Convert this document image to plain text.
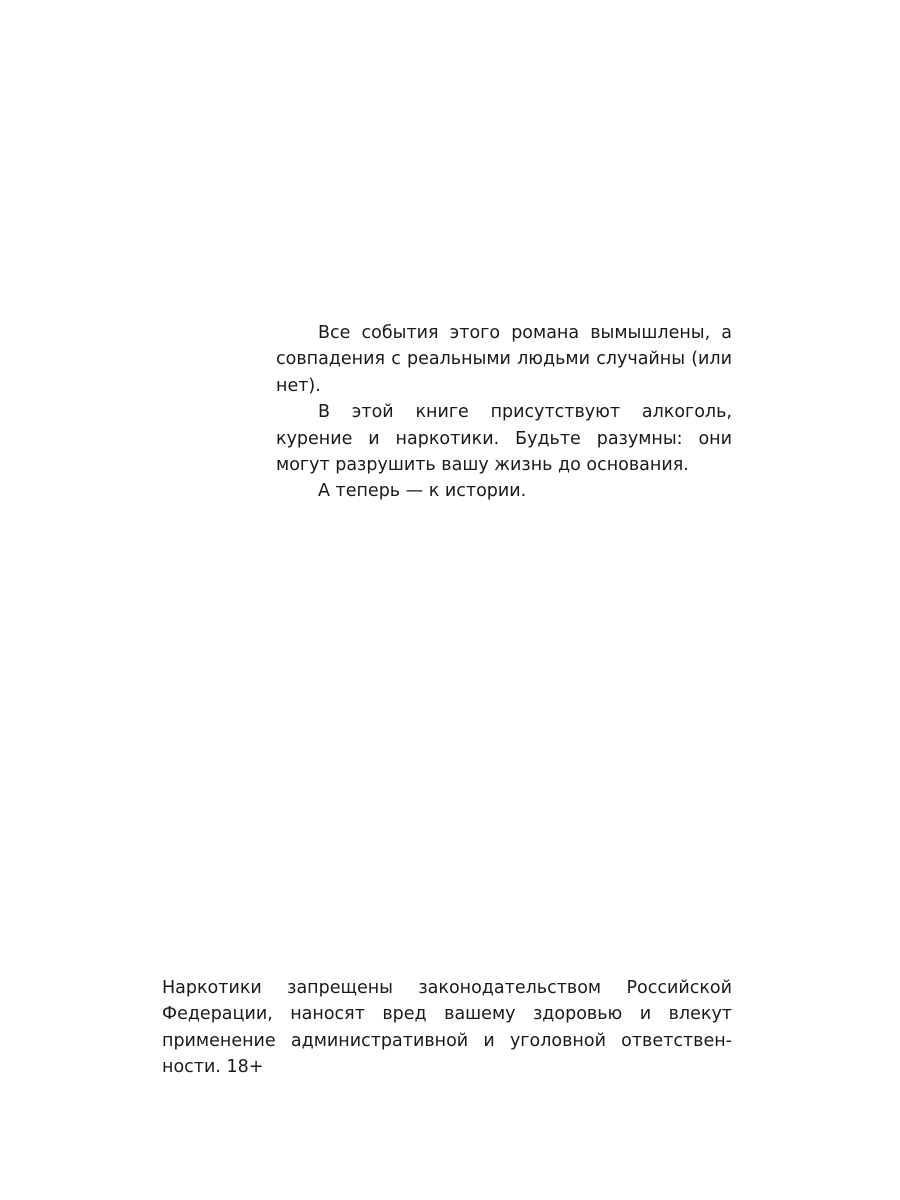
Все события этого романа вымышлены, а совпадения с реальными людьми случайны (или нет).

В этой книге присутствуют алкоголь, курение и наркотики. Будьте разумны: они могут разрушить вашу жизнь до основания.

А теперь — к истории.

Наркотики запрещены законодательством Российской Федерации, наносят вред вашему здоровью и влекут применение административной и уголовной ответственности. 18+
